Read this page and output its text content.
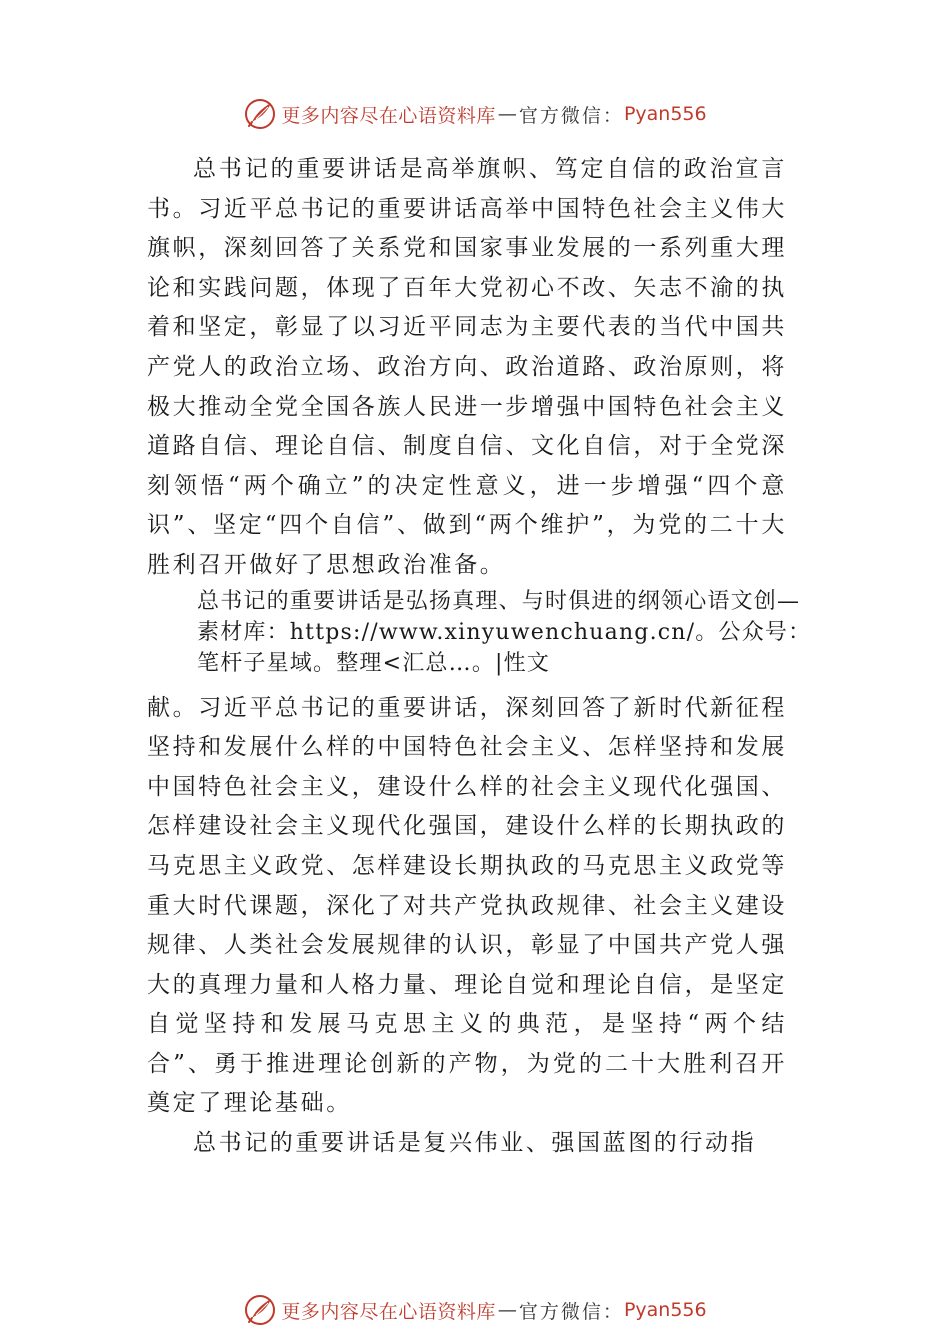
更多内容尽在心语资料库 — 官方微信： Pyan556

总书记的重要讲话是高举旗帜、笃定自信的政治宣言书。习近平总书记的重要讲话高举中国特色社会主义伟大旗帜，深刻回答了关系党和国家事业发展的一系列重大理论和实践问题，体现了百年大党初心不改、矢志不渝的执着和坚定，彰显了以习近平同志为主要代表的当代中国共产党人的政治立场、政治方向、政治道路、政治原则，将极大推动全党全国各族人民进一步增强中国特色社会主义道路自信、理论自信、制度自信、文化自信，对于全党深刻领悟“两个确立”的决定性意义，进一步增强“四个意识”、坚定“四个自信”、做到“两个维护”，为党的二十大胜利召开做好了思想政治准备。

总书记的重要讲话是弘扬真理、与时俱进的纲领心语文创—素材库：https://www.xinyuwenchuang.cn/。公众号：笔杆子星域。整理<汇总…。|性文

献。习近平总书记的重要讲话，深刻回答了新时代新征程坚持和发展什么样的中国特色社会主义、怎样坚持和发展中国特色社会主义，建设什么样的社会主义现代化强国、怎样建设社会主义现代化强国，建设什么样的长期执政的马克思主义政党、怎样建设长期执政的马克思主义政党等重大时代课题，深化了对共产党执政规律、社会主义建设规律、人类社会发展规律的认识，彰显了中国共产党人强大的真理力量和人格力量、理论自觉和理论自信，是坚定自觉坚持和发展马克思主义的典范，是坚持“两个结合”、勇于推进理论创新的产物，为党的二十大胜利召开奠定了理论基础。

总书记的重要讲话是复兴伟业、强国蓝图的行动指

更多内容尽在心语资料库 — 官方微信： Pyan556
